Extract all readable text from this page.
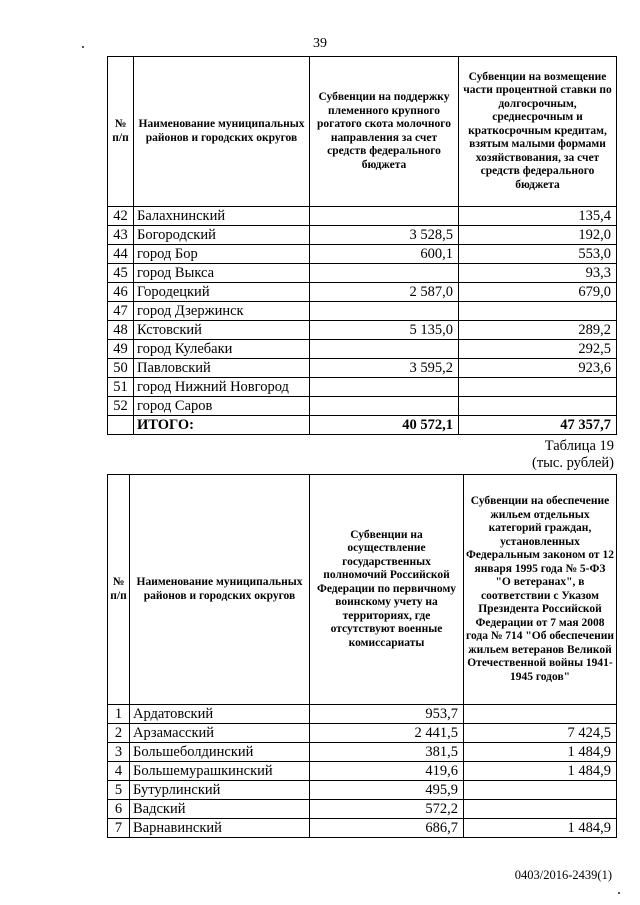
39
№ п/п	Наименование муниципальных районов и городских округов	Субвенции на поддержку племенного крупного рогатого скота молочного направления за счет средств федерального бюджета	Субвенции на возмещение части процентной ставки по долгосрочным, среднесрочным и краткосрочным кредитам, взятым малыми формами хозяйствования, за счет средств федерального бюджета
42	Балахнинский		135,4
43	Богородский	3 528,5	192,0
44	город Бор	600,1	553,0
45	город Выкса		93,3
46	Городецкий	2 587,0	679,0
47	город Дзержинск		
48	Кстовский	5 135,0	289,2
49	город Кулебаки		292,5
50	Павловский	3 595,2	923,6
51	город Нижний Новгород		
52	город Саров		
	ИТОГО:	40 572,1	47 357,7
Таблица 19
(тыс. рублей)
№ п/п	Наименование муниципальных районов и городских округов	Субвенции на осуществление государственных полномочий Российской Федерации по первичному воинскому учету на территориях, где отсутствуют военные комиссариаты	Субвенции на обеспечение жильем отдельных категорий граждан, установленных Федеральным законом от 12 января 1995 года № 5-ФЗ "О ветеранах", в соответствии с Указом Президента Российской Федерации от 7 мая 2008 года № 714 "Об обеспечении жильем ветеранов Великой Отечественной войны 1941-1945 годов"
1	Ардатовский	953,7	
2	Арзамасский	2 441,5	7 424,5
3	Большеболдинский	381,5	1 484,9
4	Большемурашкинский	419,6	1 484,9
5	Бутурлинский	495,9	
6	Вадский	572,2	
7	Варнавинский	686,7	1 484,9
0403/2016-2439(1)
